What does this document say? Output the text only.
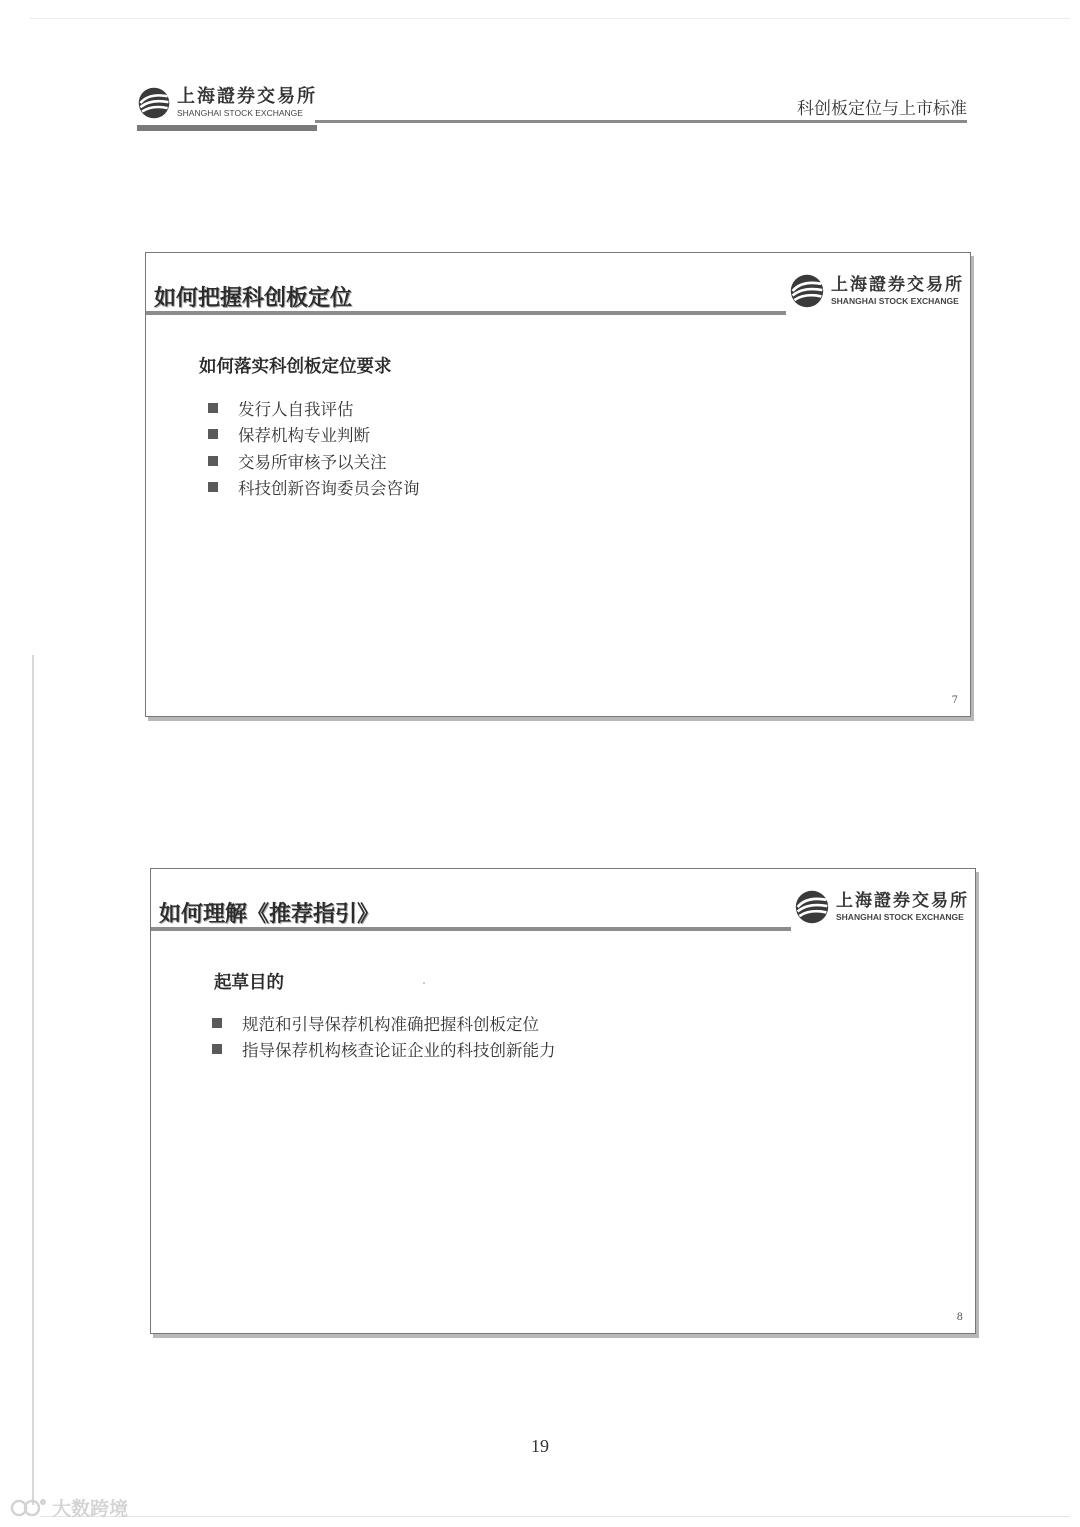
上海證券交易所
SHANGHAI STOCK EXCHANGE	科创板定位与上市标准
如何把握科创板定位
上海證券交易所
SHANGHAI STOCK EXCHANGE
如何落实科创板定位要求
发行人自我评估
保荐机构专业判断
交易所审核予以关注
科技创新咨询委员会咨询
7
如何理解《推荐指引》
上海證券交易所
SHANGHAI STOCK EXCHANGE
起草目的
规范和引导保荐机构准确把握科创板定位
指导保荐机构核查论证企业的科技创新能力
8
19
大数跨境
